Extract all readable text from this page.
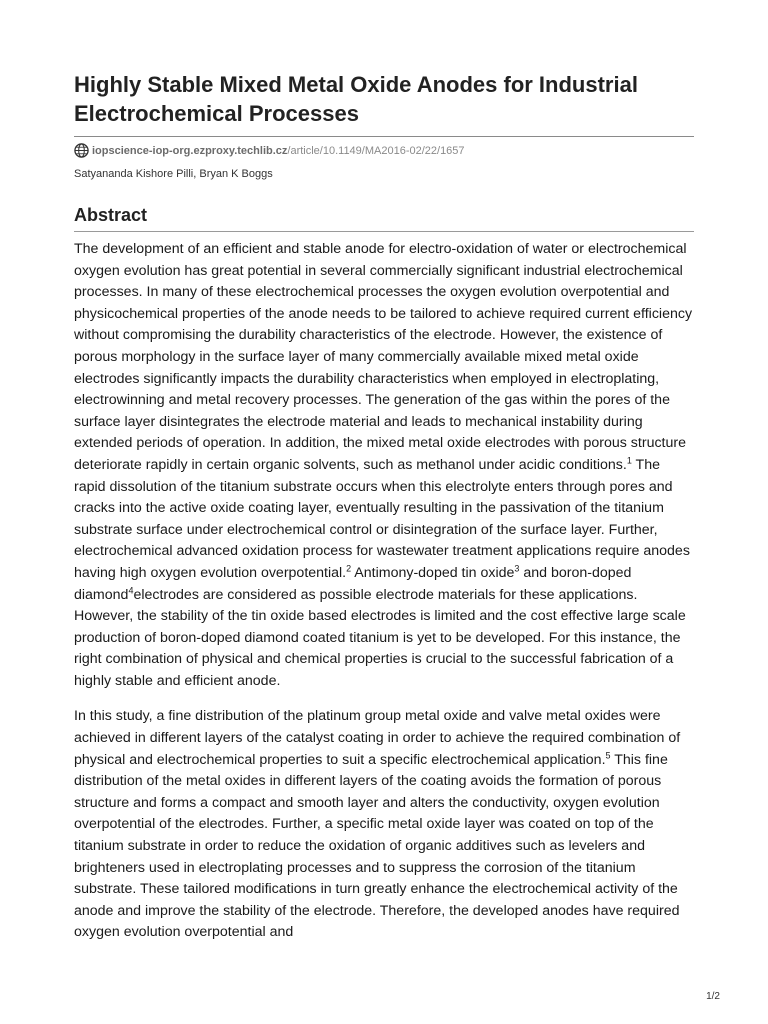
Highly Stable Mixed Metal Oxide Anodes for Industrial Electrochemical Processes
iopscience-iop-org.ezproxy.techlib.cz /article/10.1149/MA2016-02/22/1657
Satyananda Kishore Pilli, Bryan K Boggs
Abstract

The development of an efficient and stable anode for electro-oxidation of water or electrochemical oxygen evolution has great potential in several commercially significant industrial electrochemical processes. In many of these electrochemical processes the oxygen evolution overpotential and physicochemical properties of the anode needs to be tailored to achieve required current efficiency without compromising the durability characteristics of the electrode. However, the existence of porous morphology in the surface layer of many commercially available mixed metal oxide electrodes significantly impacts the durability characteristics when employed in electroplating, electrowinning and metal recovery processes. The generation of the gas within the pores of the surface layer disintegrates the electrode material and leads to mechanical instability during extended periods of operation. In addition, the mixed metal oxide electrodes with porous structure deteriorate rapidly in certain organic solvents, such as methanol under acidic conditions.$^1$ The rapid dissolution of the titanium substrate occurs when this electrolyte enters through pores and cracks into the active oxide coating layer, eventually resulting in the passivation of the titanium substrate surface under electrochemical control or disintegration of the surface layer. Further, electrochemical advanced oxidation process for wastewater treatment applications require anodes having high oxygen evolution overpotential.$^2$ Antimony-doped tin oxide$^3$ and boron-doped diamond$^4$electrodes are considered as possible electrode materials for these applications. However, the stability of the tin oxide based electrodes is limited and the cost effective large scale production of boron-doped diamond coated titanium is yet to be developed. For this instance, the right combination of physical and chemical properties is crucial to the successful fabrication of a highly stable and efficient anode.

In this study, a fine distribution of the platinum group metal oxide and valve metal oxides were achieved in different layers of the catalyst coating in order to achieve the required combination of physical and electrochemical properties to suit a specific electrochemical application.$^5$ This fine distribution of the metal oxides in different layers of the coating avoids the formation of porous structure and forms a compact and smooth layer and alters the conductivity, oxygen evolution overpotential of the electrodes. Further, a specific metal oxide layer was coated on top of the titanium substrate in order to reduce the oxidation of organic additives such as levelers and brighteners used in electroplating processes and to suppress the corrosion of the titanium substrate. These tailored modifications in turn greatly enhance the electrochemical activity of the anode and improve the stability of the electrode. Therefore, the developed anodes have required oxygen evolution overpotential and

1/2
